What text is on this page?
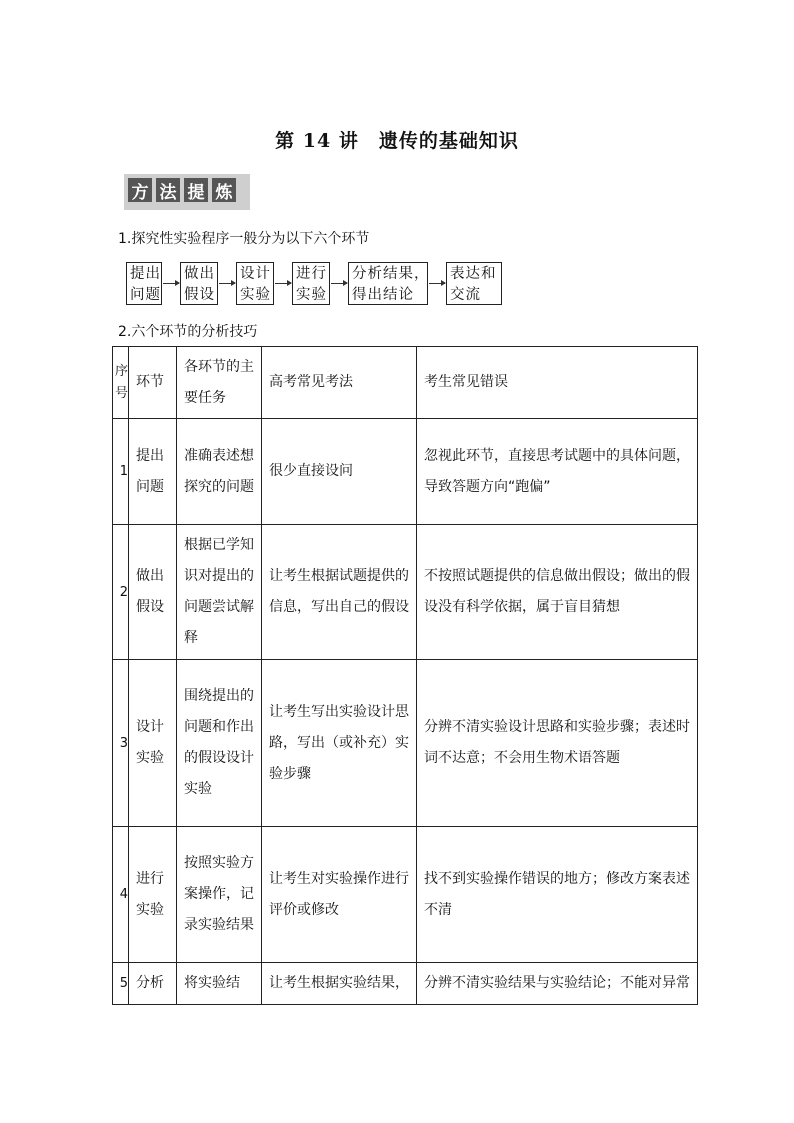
第 14 讲　遗传的基础知识
方 法 提 炼
1.探究性实验程序一般分为以下六个环节
提出
问题
做出
假设
设计
实验
进行
实验
分析结果，
得出结论
表达和
交流
2.六个环节的分析技巧
序号	环节	各环节的主要任务	高考常见考法	考生常见错误
1	提出问题	准确表述想探究的问题	很少直接设问	忽视此环节，直接思考试题中的具体问题，导致答题方向“跑偏”
2	做出假设	根据已学知识对提出的问题尝试解释	让考生根据试题提供的信息，写出自己的假设	不按照试题提供的信息做出假设；做出的假设没有科学依据，属于盲目猜想
3	设计实验	围绕提出的问题和作出的假设设计实验	让考生写出实验设计思路，写出（或补充）实验步骤	分辨不清实验设计思路和实验步骤；表述时词不达意；不会用生物术语答题
4	进行实验	按照实验方案操作，记录实验结果	让考生对实验操作进行评价或修改	找不到实验操作错误的地方；修改方案表述不清
5	分析	将实验结	让考生根据实验结果，	分辨不清实验结果与实验结论；不能对异常
